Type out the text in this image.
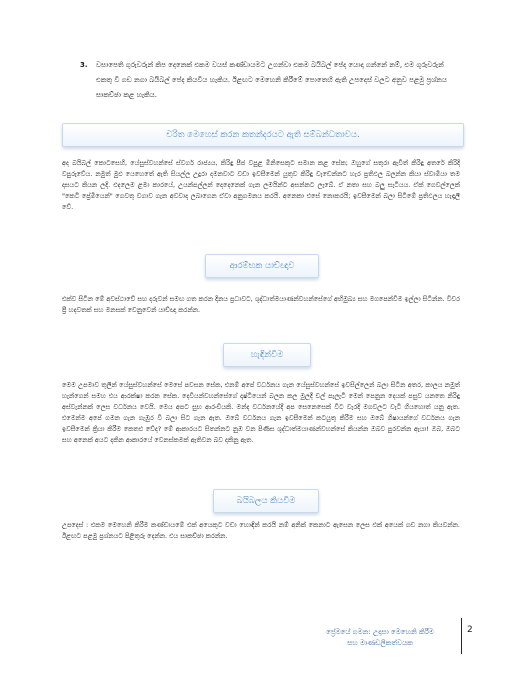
3. වසාපෙති ගුරුවරුන් කිප දෙනෙක් එකම වයස් කණ්ඩායමට උගන්වා එකම බයිබල් පේද යොදා ගන්නේ නම්, එම ගුරුවරුන් එකතු වී ගඩ නගා බයිබල් පේද කියවිය හැකිය. ඊළඟට මෙහෙනි කිරීමේ පොතෙහි ඇති උපදෙස් වලට අනුව පළමු ප්‍රශ්නය සාකච්ඡා කළ හැකිය.
චරිත මෙහෙස් කරන කතන්දරයට ඇති සම්බන්ධතාවය.
අද බයිබල් කොටසෙහි, යේසුස්වහන්සේ ස්වර්ග රාජ්‍යය, කිරිඳු පීජ වපුළ මිනිසෙකුට සමාන කළ සේක; ඔහුගේ සතුරා ඇවිත් කිරිඳු අතරේ කිරිදි වපුරුවේය. නමුත් මුළු යෙහෙතේ ඇති සියල්ල උදුරා දමනවාට වඩා ඉවසීමෙන් යුතුව කිරිඳු වැඩෙන්නට හැර ප්‍රතිඵල බලන්න කියා ස්වාමියා තම දාසයට කියන ලදි. එදලෙම ළමා කාරයේ, උයන්පල්ලන් දෙදෙනෙක් ගැන ලමයින්ට අසන්නට ලැබේ. ඒ නතා සහ බලු සැටියය. ඒක් ගෙවල්ලෙක් "කෙටි ප්‍රේමියෙන්" ගෙවතු වගාව ගැන අවවාද ලබාගෙන ඒවා අනුගමනය කරයි. අනෙකා එසේ නොකරයි; ඉවසීමෙන් බලා සිටීමේ ප්‍රතිඵලය හැඳෑලී වේ.
ආරම්භක යාච්ඥාව
එක්ව සිටින මේ අවස්ථාවේ සහ දරුවන් සමඟ ගත කරන දිනය ප්‍රධාවට, ශුද්ධාත්මයාණන්වහන්සේගේ අභිමුඛ්‍ය සහ මගපෙන්වීම ඉල්ලා සිටින්න. විවර ප්‍රී හදවතක් සහ මනසක් වෙනුවෙන් යාච්ඥා කරන්න.
හැඳින්වීම
මෙම උපමාව තුලින් යේසුස්වහන්සේ මෙසේ පවසන සේක, එනම් අපේ වර්ධනය ගැන යේසුස්වහන්සේ ඉවසිල්ලෙන් බලා සිටින අතර, කාලය නමුත් හැන්ගෙන් සමහ එය ආරක්ෂා කරන සේක. දෙවියන්වහන්සේගේ දෘෂ්ටියෙන් බලන කල මුලදී චල් පැලැටි මෙන් පෙනුන දෙයක් පසුව යනතෙ නිරිඳු අස්වැන්නක් ලෙස වර්ධනය වෙයි. මෙය අපට සුභ ආරංචියකි. මන්ද වර්ධනයේදී අප සෙනෙසෙක් විට වැරදි මගවලට වැටී ගියහොත් යනු ඇත. එමෙන්ම අපේ ගමන ගැන ගැඹුර වී බලා සිට ගැන ඇත. ඔබේ වර්ධනය ගැන ඉවසීමෙන් කටයුතු කිරීම සහ ඔබේ ගිෂායන්ගේ වර්ධනය ගැන ඉවසීමෙන් ක්‍රියා කිරීම කෙතළු වේද? මේ ආකාරයට සිතන්නට නුඹ වන පිණිස ශුද්ධාත්මයාණන්වහන්සේ කියන්න ඔබව පුරවන්න ඇයා! ඔබ, ඔබට සහ අනෙක් අයට දකින ආකාරයේ වෙනස්කමක් ඇතිවන බව දකිනු ඇත.
බයිබලය කියවීම
උපදෙස් : එකම මෙහෙනි කිරීම කණ්ඩායමේ එක් අයෙකුට වඩා හොඳින් කරයි නම් අනික් කෙනාට ඇසෙන ලෙස එක් අයෙක් ගඩ නගා කියවන්න. ඊළඟට පළමු ප්‍රශ්නයට පිළිතුරු දෙන්න. එය සාකච්ඡා කරන්න.
ප්‍රේමයේ ගමන: උදාසා මෙහෙනි කිරීම
සහ මාණඩලිකත්වයක
2
